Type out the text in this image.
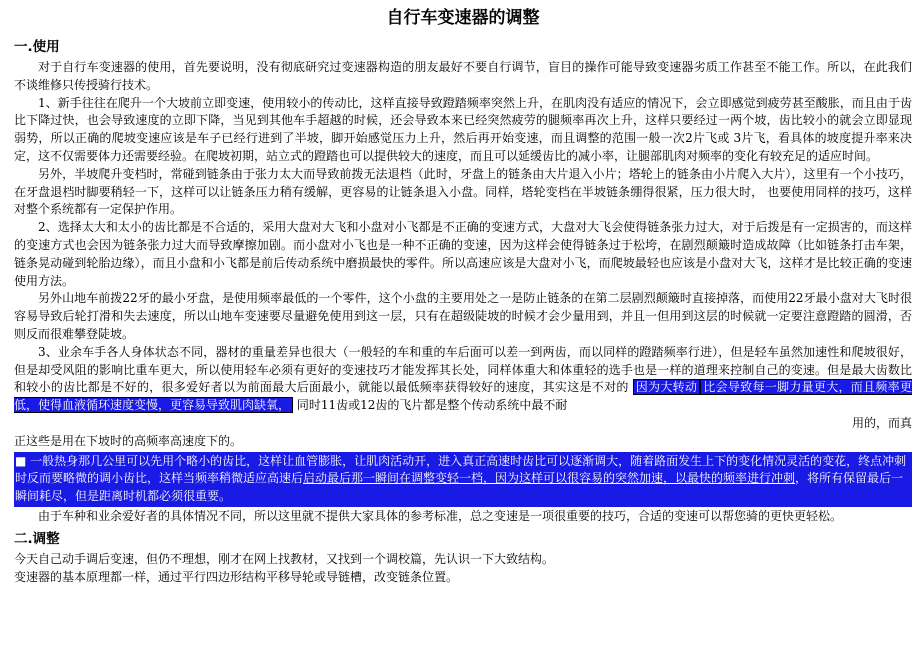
自行车变速器的调整
一.使用

对于自行车变速器的使用，首先要说明，没有彻底研究过变速器构造的朋友最好不要自行调节，盲目的操作可能导致变速器劣质工作甚至不能工作。所以，在此我们不谈维修只传授骑行技术。

1、新手往往在爬升一个大坡前立即变速，使用较小的传动比，这样直接导致蹬踏频率突然上升，在肌肉没有适应的情况下，会立即感觉到疲劳甚至酸胀，而且由于齿比下降过快，也会导致速度的立即下降，当见到其他车手超越的时候，还会导致本来已经突然疲劳的腿频率再次上升，这样只要经过一两个坡，齿比较小的就会立即显现弱势，所以正确的爬坡变速应该是车子已经行进到了半坡，脚开始感觉压力上升，然后再开始变速，而且调整的范围一般一次2片飞或 3片飞，看具体的坡度提升率来决定，这不仅需要体力还需要经验。在爬坡初期，站立式的蹬踏也可以提供较大的速度，而且可以延缓齿比的减小率，让腿部肌肉对频率的变化有较充足的适应时间。

另外，半坡爬升变档时，常碰到链条由于张力太大而导致前拨无法退档（此时，牙盘上的链条由大片退入小片；塔轮上的链条由小片爬入大片），这里有一个小技巧，在牙盘退档时脚要稍轻一下，这样可以让链条压力稍有缓解，更容易的让链条退入小盘。同样，塔轮变档在半坡链条绷得很紧，压力很大时， 也要使用同样的技巧，这样对整个系统都有一定保护作用。

2、选择太大和太小的齿比都是不合适的，采用大盘对大飞和小盘对小飞都是不正确的变速方式，大盘对大飞会使得链条张力过大，对于后拨是有一定损害的，而这样的变速方式也会因为链条张力过大而导致摩擦加剧。而小盘对小飞也是一种不正确的变速，因为这样会使得链条过于松垮，在剧烈颠簸时造成故障（比如链条打击车架，链条晃动碰到轮胎边缘），而且小盘和小飞都是前后传动系统中磨损最快的零件。所以高速应该是大盘对小飞，而爬坡最轻也应该是小盘对大飞，这样才是比较正确的变速使用方法。

另外山地车前拨22牙的最小牙盘，是使用频率最低的一个零件，这个小盘的主要用处之一是防止链条的在第二层剧烈颠簸时直接掉落，而使用22牙最小盘对大飞时很容易导致后轮打滑和失去速度，所以山地车变速要尽量避免使用到这一层，只有在超级陡坡的时候才会少量用到，并且一但用到这层的时候就一定要注意蹬踏的圆滑，否则反而很难攀登陡坡。

3、业余车手各人身体状态不同，器材的重量差异也很大（一般轻的车和重的车后面可以差一到两齿，而以同样的蹬踏频率行进），但是轻车虽然加速性和爬坡很好，但是却受风阻的影响比重车更大，所以使用轻车必须有更好的变速技巧才能发挥其长处，同样体重大和体重轻的选手也是一样的道理来控制自己的变速。但是最大齿数比和较小的齿比都是不好的，很多爱好者以为前面最大后面最小，就能以最低频率获得较好的速度，其实这是不对的 因为大转动 比会导致每一脚力量更大，而且频率更低，使得血液循环速度变慢，更容易导致肌肉缺氧， 同时11齿或12齿的飞片都是整个传动系统中最不耐

用的，而真

正这些是用在下坡时的高频率高速度下的。

■ 一般热身那几公里可以先用个略小的齿比，这样让血管膨胀，让肌肉活动开，进入真正高速时齿比可以逐渐调大，随着路面发生上下的变化情况灵活的变花，终点冲刺时反而要略微的调小齿比，这样当频率稍微适应高速后启动最后那一瞬间在调整变轻一档，因为这样可以很容易的突然加速，以最快的频率进行冲刺，将所有保留最后一瞬间耗尽，但是距离时机都必须很重要。

由于车种和业余爱好者的具体情况不同，所以这里就不提供大家具体的参考标准，总之变速是一项很重要的技巧，合适的变速可以帮您骑的更快更轻松。

二.调整

今天自己动手调后变速，但仍不理想，刚才在网上找教材，又找到一个调校篇，先认识一下大致结构。

变速器的基本原理都一样，通过平行四边形结构平移导轮或导链槽，改变链条位置。
